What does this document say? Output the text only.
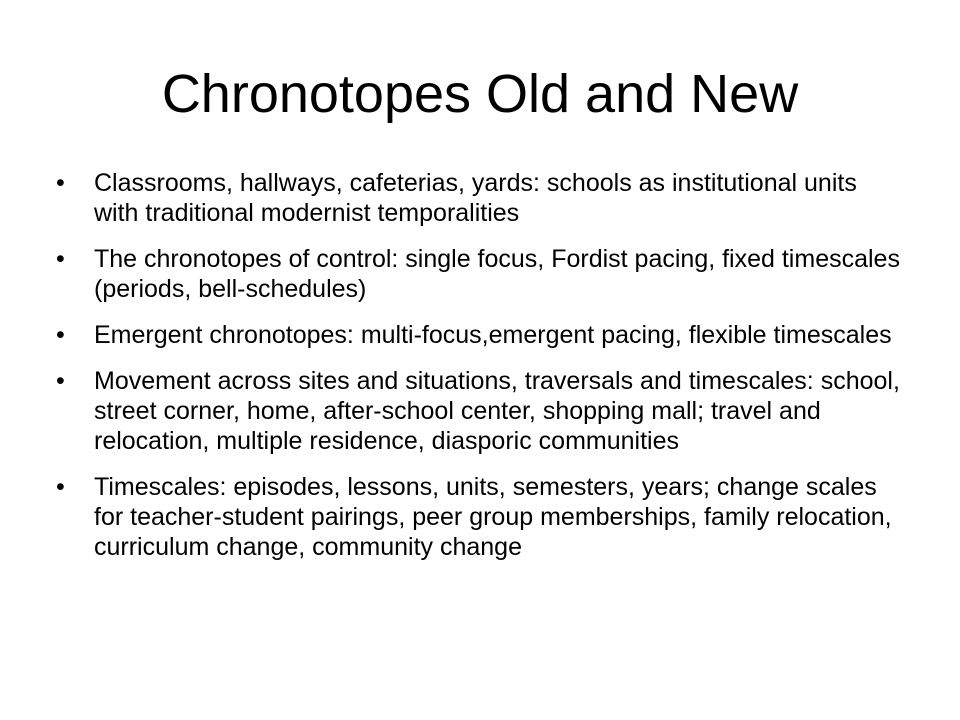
Chronotopes Old and New
•	Classrooms, hallways, cafeterias, yards: schools as institutional units with traditional modernist temporalities
•	The chronotopes of control: single focus, Fordist pacing, fixed timescales (periods, bell-schedules)
•	Emergent chronotopes: multi-focus,emergent pacing, flexible timescales
•	Movement across sites and situations, traversals and timescales: school, street corner, home, after-school center, shopping mall; travel and relocation, multiple residence, diasporic communities
•	Timescales: episodes, lessons, units, semesters, years; change scales for teacher-student pairings, peer group memberships, family relocation, curriculum change, community change
